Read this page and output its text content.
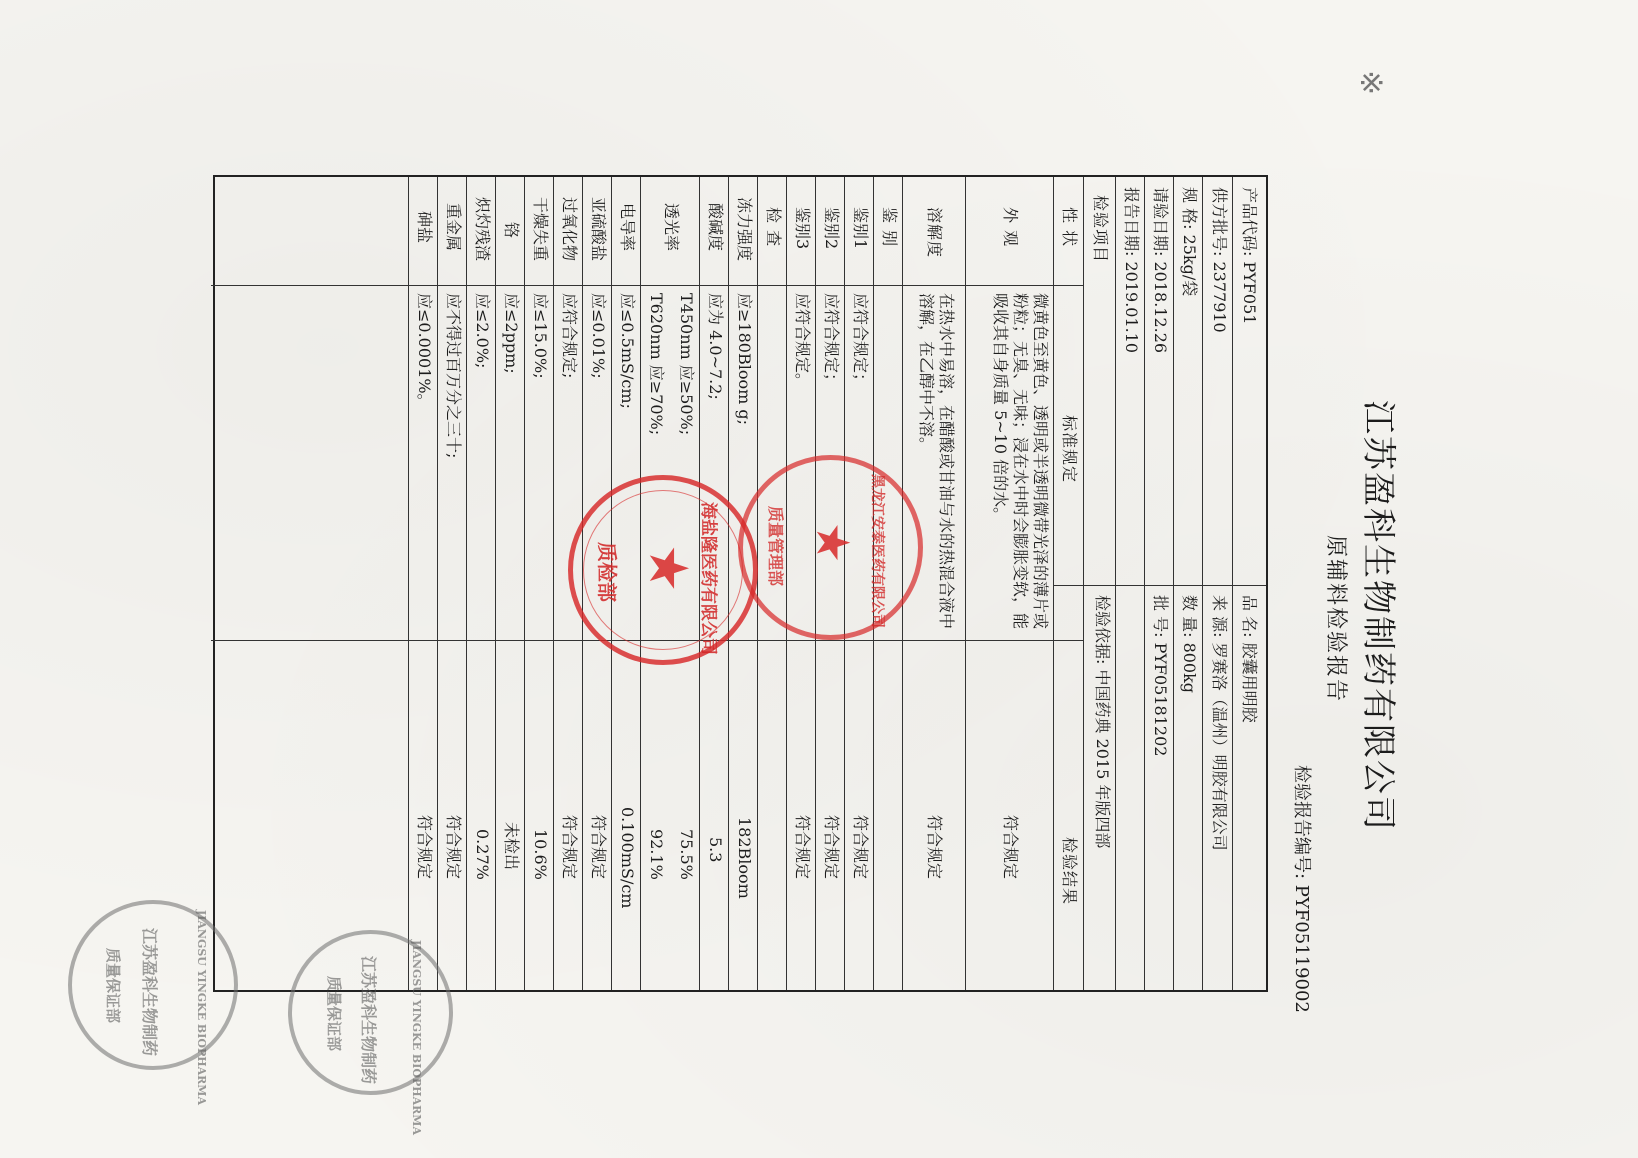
※
江苏盈科生物制药有限公司
原辅料检验报告
检验报告编号: PYF05119002
产品代码: PYF051
供方批号: 2377910
规 格: 25kg/袋
请验日期: 2018.12.26
报告日期: 2019.01.10
品 名: 胶囊用明胶
来 源: 罗赛洛（温州）明胶有限公司
数 量: 800kg
批 号: PYF05181202
检验依据: 中国药典 2015 年版四部
检验项目
标准规定
检验结果
性 状
外 观
微黄色至黄色、透明或半透明微带光泽的薄片或粉粒；无臭、无味；浸在水中时会膨胀变软，能吸收其自身质量 5~10 倍的水。
符合规定
溶解度
在热水中易溶，在醋酸或甘油与水的热混合液中溶解，在乙醇中不溶。
符合规定
鉴 别
鉴别1
应符合规定；
符合规定
鉴别2
应符合规定；
符合规定
鉴别3
应符合规定。
符合规定
检 查
冻力强度
应≥180Bloom g;
182Bloom
酸碱度
应为 4.0~7.2;
5.3
透光率
T450nm 应≥50%;
T620nm 应≥70%;
75.5%
92.1%
电导率
应≤0.5mS/cm;
0.100mS/cm
亚硫酸盐
应≤0.01%;
符合规定
过氧化物
应符合规定;
符合规定
干燥失重
应≤15.0%;
10.6%
铬
应≤2ppm;
未检出
炽灼残渣
应≤2.0%;
0.27%
重金属
应不得过百万分之三十;
符合规定
砷盐
应≤0.0001%。
符合规定
★
海盐隆医药有限公司
质检部	★ 黑龙江安泰医药有限公司
质量管理部
JIANGSU YINGKE BIOPHARMA
江苏盈科生物制药
质量保证部	JIANGSU YINGKE BIOPHARMA
江苏盈科生物制药
质量保证部
